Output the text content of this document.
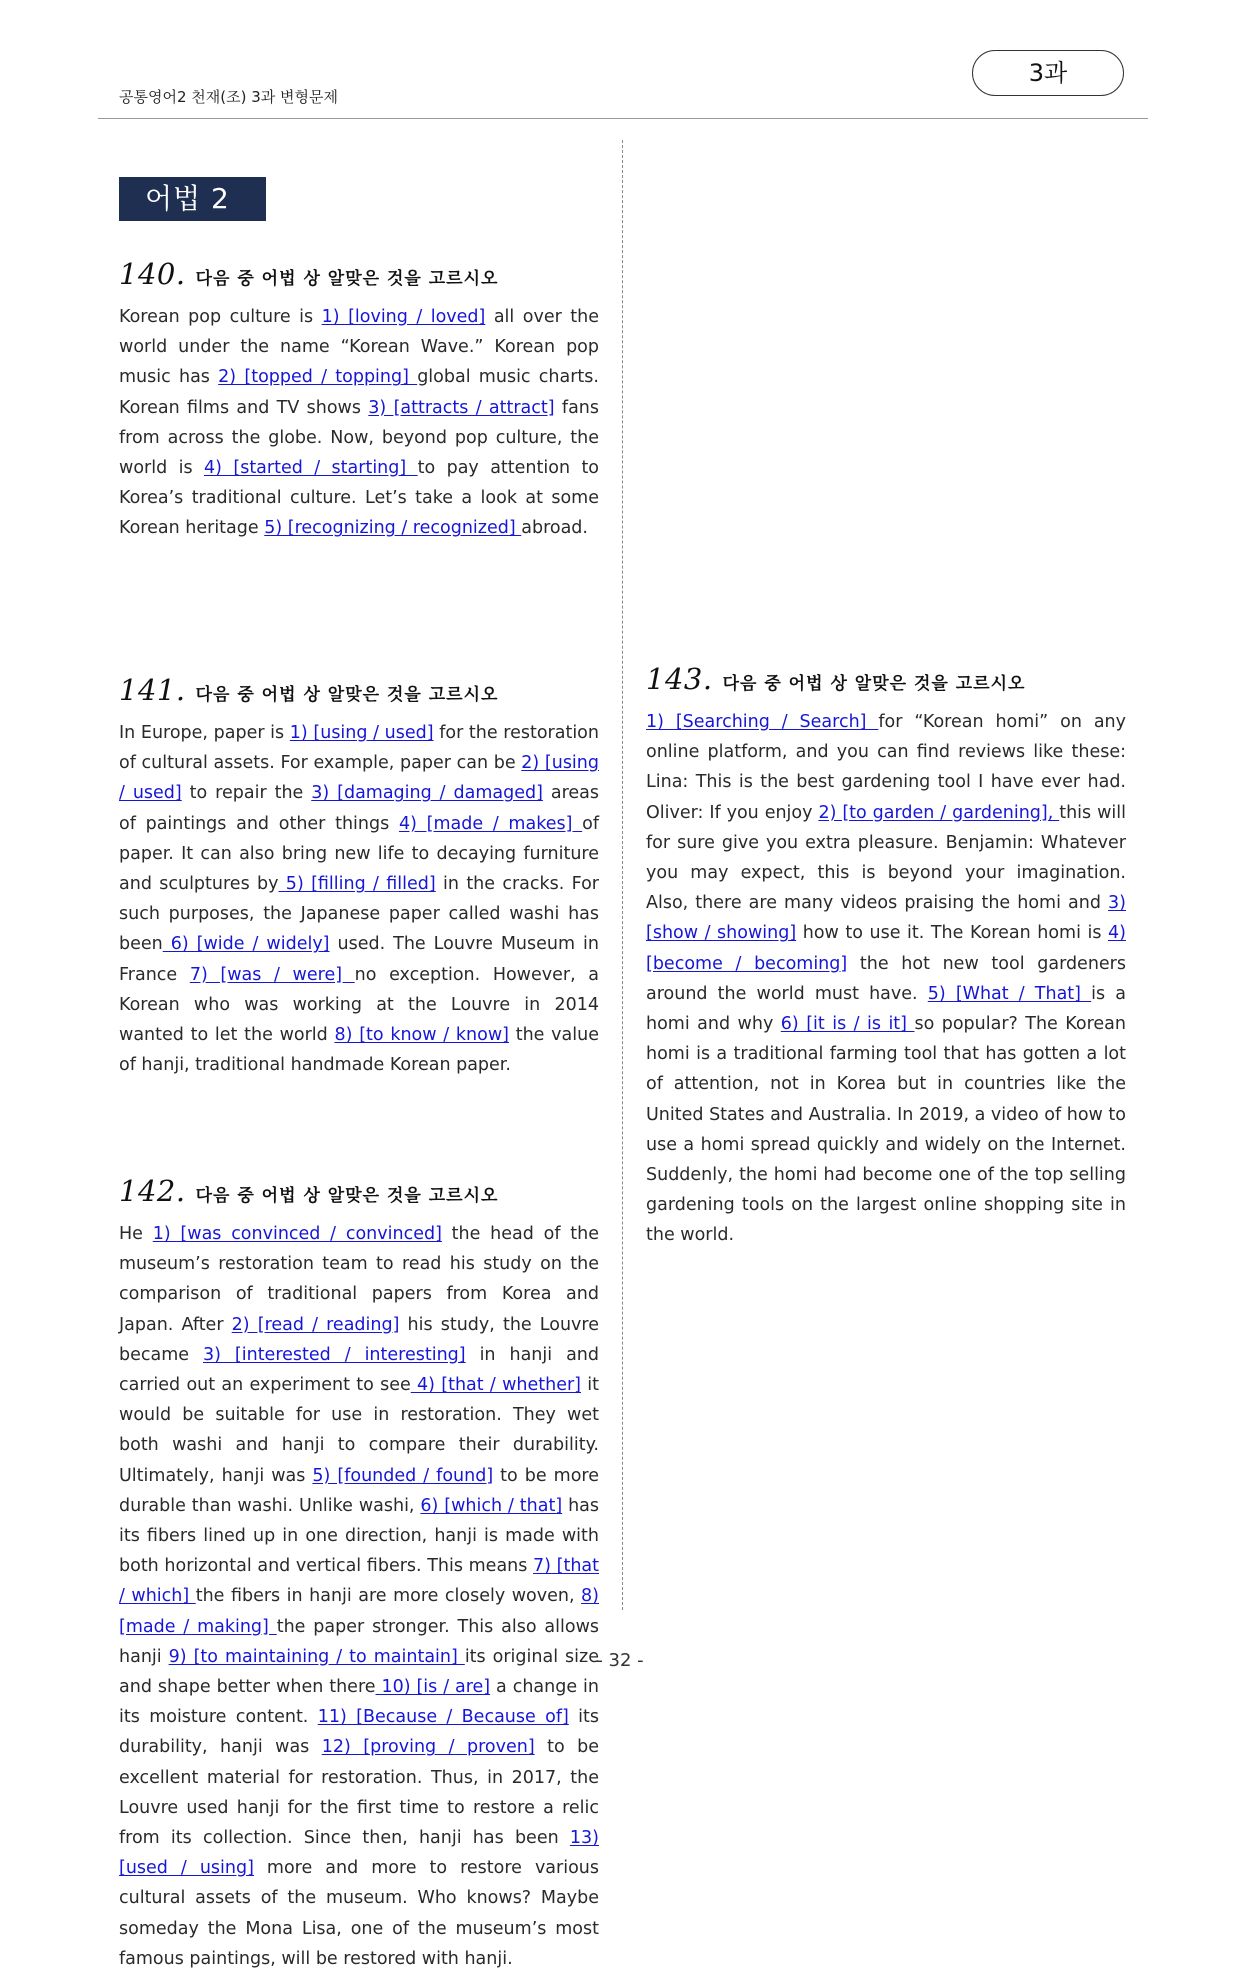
공통영어2 천재(조) 3과 변형문제
3과
어법 2
140. 다음 중 어법 상 알맞은 것을 고르시오
Korean pop culture is 1) [loving / loved] all over the world under the name “Korean Wave.” Korean pop music has 2) [topped / topping] global music charts. Korean films and TV shows 3) [attracts / attract] fans from across the globe. Now, beyond pop culture, the world is 4) [started / starting] to pay attention to Korea’s traditional culture. Let’s take a look at some Korean heritage 5) [recognizing / recognized] abroad.
141. 다음 중 어법 상 알맞은 것을 고르시오
In Europe, paper is 1) [using / used] for the restoration of cultural assets. For example, paper can be 2) [using / used] to repair the 3) [damaging / damaged] areas of paintings and other things 4) [made / makes] of paper. It can also bring new life to decaying furniture and sculptures by 5) [filling / filled] in the cracks. For such purposes, the Japanese paper called washi has been 6) [wide / widely] used. The Louvre Museum in France 7) [was / were] no exception. However, a Korean who was working at the Louvre in 2014 wanted to let the world 8) [to know / know] the value of hanji, traditional handmade Korean paper.
142. 다음 중 어법 상 알맞은 것을 고르시오
He 1) [was convinced / convinced] the head of the museum’s restoration team to read his study on the comparison of traditional papers from Korea and Japan. After 2) [read / reading] his study, the Louvre became 3) [interested / interesting] in hanji and carried out an experiment to see 4) [that / whether] it would be suitable for use in restoration. They wet both washi and hanji to compare their durability. Ultimately, hanji was 5) [founded / found] to be more durable than washi. Unlike washi, 6) [which / that] has its fibers lined up in one direction, hanji is made with both horizontal and vertical fibers. This means 7) [that / which] the fibers in hanji are more closely woven, 8) [made / making] the paper stronger. This also allows hanji 9) [to maintaining / to maintain] its original size and shape better when there 10) [is / are] a change in its moisture content. 11) [Because / Because of] its durability, hanji was 12) [proving / proven] to be excellent material for restoration. Thus, in 2017, the Louvre used hanji for the first time to restore a relic from its collection. Since then, hanji has been 13) [used / using] more and more to restore various cultural assets of the museum. Who knows? Maybe someday the Mona Lisa, one of the museum’s most famous paintings, will be restored with hanji.
143. 다음 중 어법 상 알맞은 것을 고르시오
1) [Searching / Search] for “Korean homi” on any online platform, and you can find reviews like these: Lina: This is the best gardening tool I have ever had. Oliver: If you enjoy 2) [to garden / gardening], this will for sure give you extra pleasure. Benjamin: Whatever you may expect, this is beyond your imagination. Also, there are many videos praising the homi and 3) [show / showing] how to use it. The Korean homi is 4) [become / becoming] the hot new tool gardeners around the world must have. 5) [What / That] is a homi and why 6) [it is / is it] so popular? The Korean homi is a traditional farming tool that has gotten a lot of attention, not in Korea but in countries like the United States and Australia. In 2019, a video of how to use a homi spread quickly and widely on the Internet. Suddenly, the homi had become one of the top selling gardening tools on the largest online shopping site in the world.
- 32 -
